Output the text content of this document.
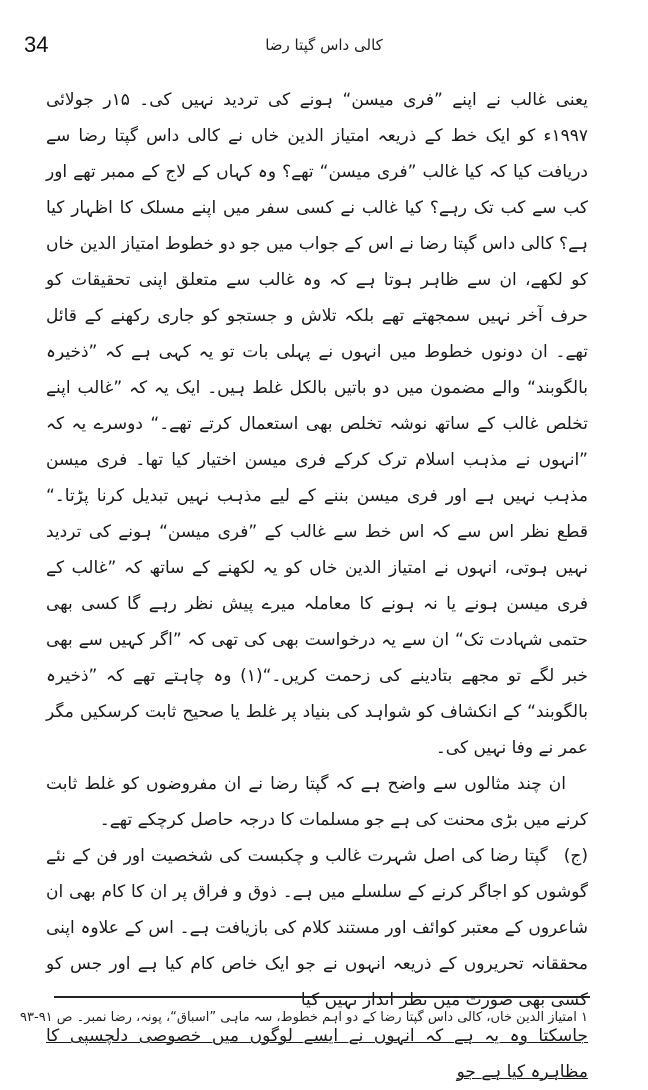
34	کالی داس گپتا رضا

یعنی غالب نے اپنے ”فری میسن“ ہونے کی تردید نہیں کی۔ ۱۵ر جولائی ۱۹۹۷ء کو ایک خط کے ذریعہ امتیاز الدین خاں نے کالی داس گپتا رضا سے دریافت کیا کہ کیا غالب ”فری میسن“ تھے؟ وہ کہاں کے لاج کے ممبر تھے اور کب سے کب تک رہے؟ کیا غالب نے کسی سفر میں اپنے مسلک کا اظہار کیا ہے؟ کالی داس گپتا رضا نے اس کے جواب میں جو دو خطوط امتیاز الدین خاں کو لکھے، ان سے ظاہر ہوتا ہے کہ وہ غالب سے متعلق اپنی تحقیقات کو حرف آخر نہیں سمجھتے تھے بلکہ تلاش و جستجو کو جاری رکھنے کے قائل تھے۔ ان دونوں خطوط میں انہوں نے پہلی بات تو یہ کہی ہے کہ ”ذخیرہ بالگوبند“ والے مضمون میں دو باتیں بالکل غلط ہیں۔ ایک یہ کہ ”غالب اپنے تخلص غالب کے ساتھ نوشہ تخلص بھی استعمال کرتے تھے۔“ دوسرے یہ کہ ”انہوں نے مذہب اسلام ترک کرکے فری میسن اختیار کیا تھا۔ فری میسن مذہب نہیں ہے اور فری میسن بننے کے لیے مذہب نہیں تبدیل کرنا پڑتا۔“ قطع نظر اس سے کہ اس خط سے غالب کے ”فری میسن“ ہونے کی تردید نہیں ہوتی، انہوں نے امتیاز الدین خاں کو یہ لکھنے کے ساتھ کہ ”غالب کے فری میسن ہونے یا نہ ہونے کا معاملہ میرے پیش نظر رہے گا کسی بھی حتمی شہادت تک“ ان سے یہ درخواست بھی کی تھی کہ ”اگر کہیں سے بھی خبر لگے تو مجھے بتادینے کی زحمت کریں۔“(۱) وہ چاہتے تھے کہ ”ذخیرہ بالگوبند“ کے انکشاف کو شواہد کی بنیاد پر غلط یا صحیح ثابت کرسکیں مگر عمر نے وفا نہیں کی۔

ان چند مثالوں سے واضح ہے کہ گپتا رضا نے ان مفروضوں کو غلط ثابت کرنے میں بڑی محنت کی ہے جو مسلمات کا درجہ حاصل کرچکے تھے۔

(ج)گپتا رضا کی اصل شہرت غالب و چکبست کی شخصیت اور فن کے نئے گوشوں کو اجاگر کرنے کے سلسلے میں ہے۔ ذوق و فراق پر ان کا کام بھی ان شاعروں کے معتبر کوائف اور مستند کلام کی بازیافت ہے۔ اس کے علاوہ اپنی محققانہ تحریروں کے ذریعہ انہوں نے جو ایک خاص کام کیا ہے اور جس کو کسی بھی صورت میں نظر انداز نہیں کیا
جاسکتا وہ یہ ہے کہ انہوں نے ایسے لوگوں میں خصوصی دلچسپی کا مظاہرہ کیا ہے جو

۱ امتیاز الدین خاں، کالی داس گپتا رضا کے دو اہم خطوط، سہ ماہی ”اسباق“، پونہ، رضا نمبر۔ ص ۹۱-۹۳
